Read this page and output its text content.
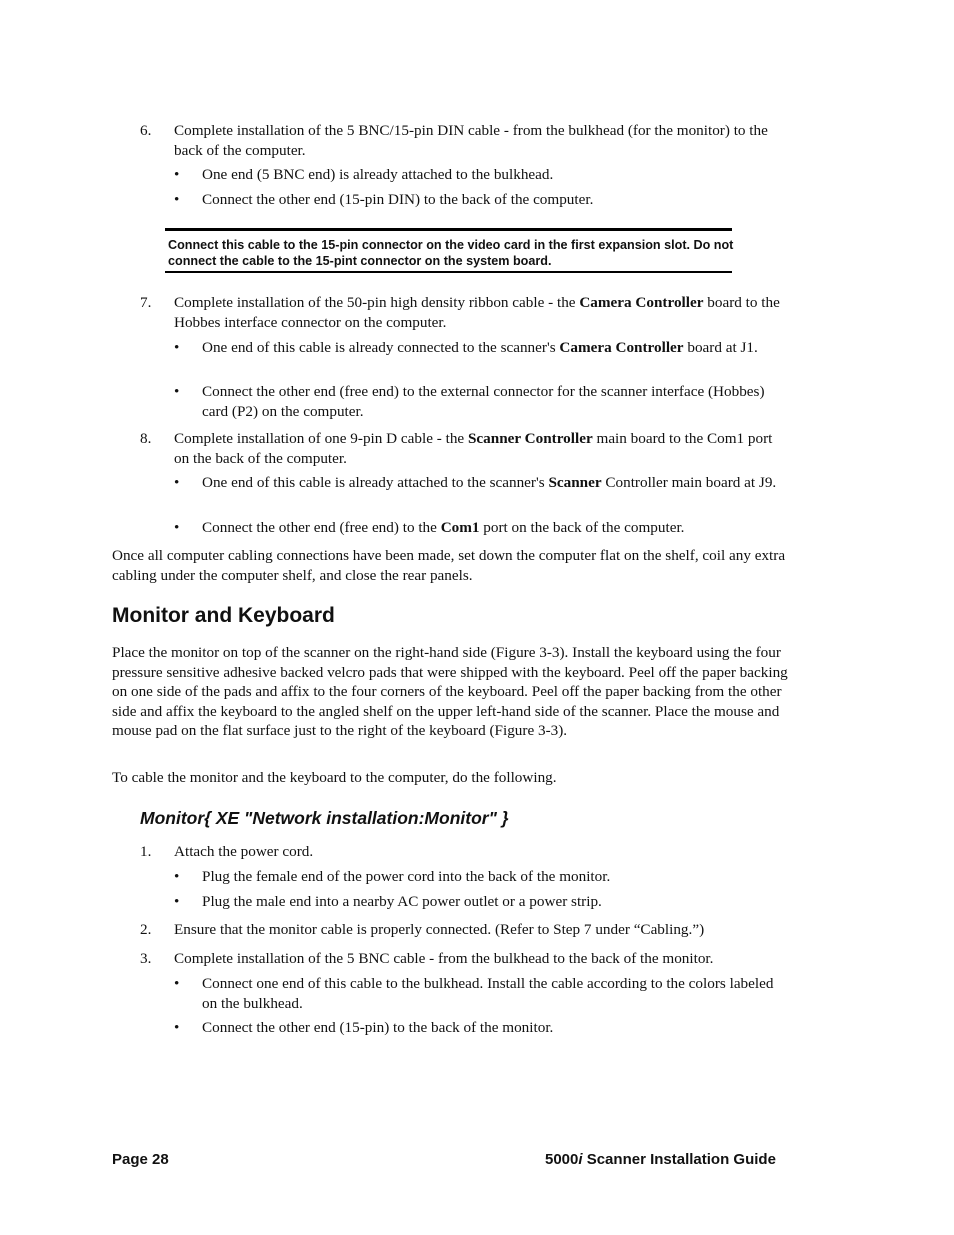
6.	Complete installation of the 5 BNC/15-pin DIN cable - from the bulkhead (for the monitor) to the back of the computer.
•	One end (5 BNC end) is already attached to the bulkhead.
•	Connect the other end (15-pin DIN) to the back of the computer.
Connect this cable to the 15-pin connector on the video card in the first expansion slot. Do not connect the cable to the 15-pint connector on the system board.
7.	Complete installation of the 50-pin high density ribbon cable - the Camera Controller board to the Hobbes interface connector on the computer.
•	One end of this cable is already connected to the scanner's Camera Controller board at J1.
•	Connect the other end (free end) to the external connector for the scanner interface (Hobbes) card (P2) on the computer.
8.	Complete installation of one 9-pin D cable - the Scanner Controller main board to the Com1 port on the back of the computer.
•	One end of this cable is already attached to the scanner's Scanner Controller main board at J9.
•	Connect the other end (free end) to the Com1 port on the back of the computer.
Once all computer cabling connections have been made, set down the computer flat on the shelf, coil any extra cabling under the computer shelf, and close the rear panels.
Monitor and Keyboard
Place the monitor on top of the scanner on the right-hand side (Figure 3-3). Install the keyboard using the four pressure sensitive adhesive backed velcro pads that were shipped with the keyboard. Peel off the paper backing on one side of the pads and affix to the four corners of the keyboard. Peel off the paper backing from the other side and affix the keyboard to the angled shelf on the upper left-hand side of the scanner. Place the mouse and mouse pad on the flat surface just to the right of the keyboard (Figure 3-3).
To cable the monitor and the keyboard to the computer, do the following.
Monitor{ XE "Network installation:Monitor" }
1.	Attach the power cord.
•	Plug the female end of the power cord into the back of the monitor.
•	Plug the male end into a nearby AC power outlet or a power strip.
2.	Ensure that the monitor cable is properly connected. (Refer to Step 7 under “Cabling.”)
3.	Complete installation of the 5 BNC cable - from the bulkhead to the back of the monitor.
•	Connect one end of this cable to the bulkhead. Install the cable according to the colors labeled on the bulkhead.
•	Connect the other end (15-pin) to the back of the monitor.
Page 28	5000i Scanner Installation Guide
